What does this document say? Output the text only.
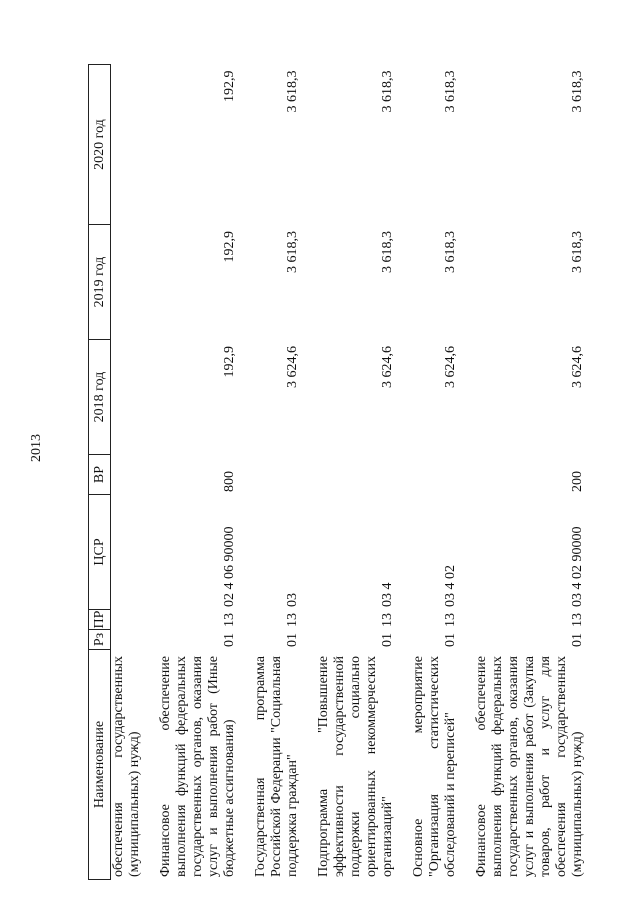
2013
Наименование	Рз	ПР	ЦСР	ВР	2018 год	2019 год	2020 год
обеспечения государственных (муниципальных) нужд)							
Финансовое обеспечение выполнения функций федеральных государственных органов, оказания услуг и выполнения работ (Иные бюджетные ассигнования)	01	13	02 4 06 90000	800	192,9	192,9	192,9
Государственная программа Российской Федерации "Социальная поддержка граждан"	01	13	03		3 624,6	3 618,3	3 618,3
Подпрограмма "Повышение эффективности государственной поддержки социально ориентированных некоммерческих организаций"	01	13	03 4		3 624,6	3 618,3	3 618,3
Основное мероприятие "Организация статистических обследований и переписей"	01	13	03 4 02		3 624,6	3 618,3	3 618,3
Финансовое обеспечение выполнения функций федеральных государственных органов, оказания услуг и выполнения работ (Закупка товаров, работ и услуг для обеспечения государственных (муниципальных) нужд)	01	13	03 4 02 90000	200	3 624,6	3 618,3	3 618,3
